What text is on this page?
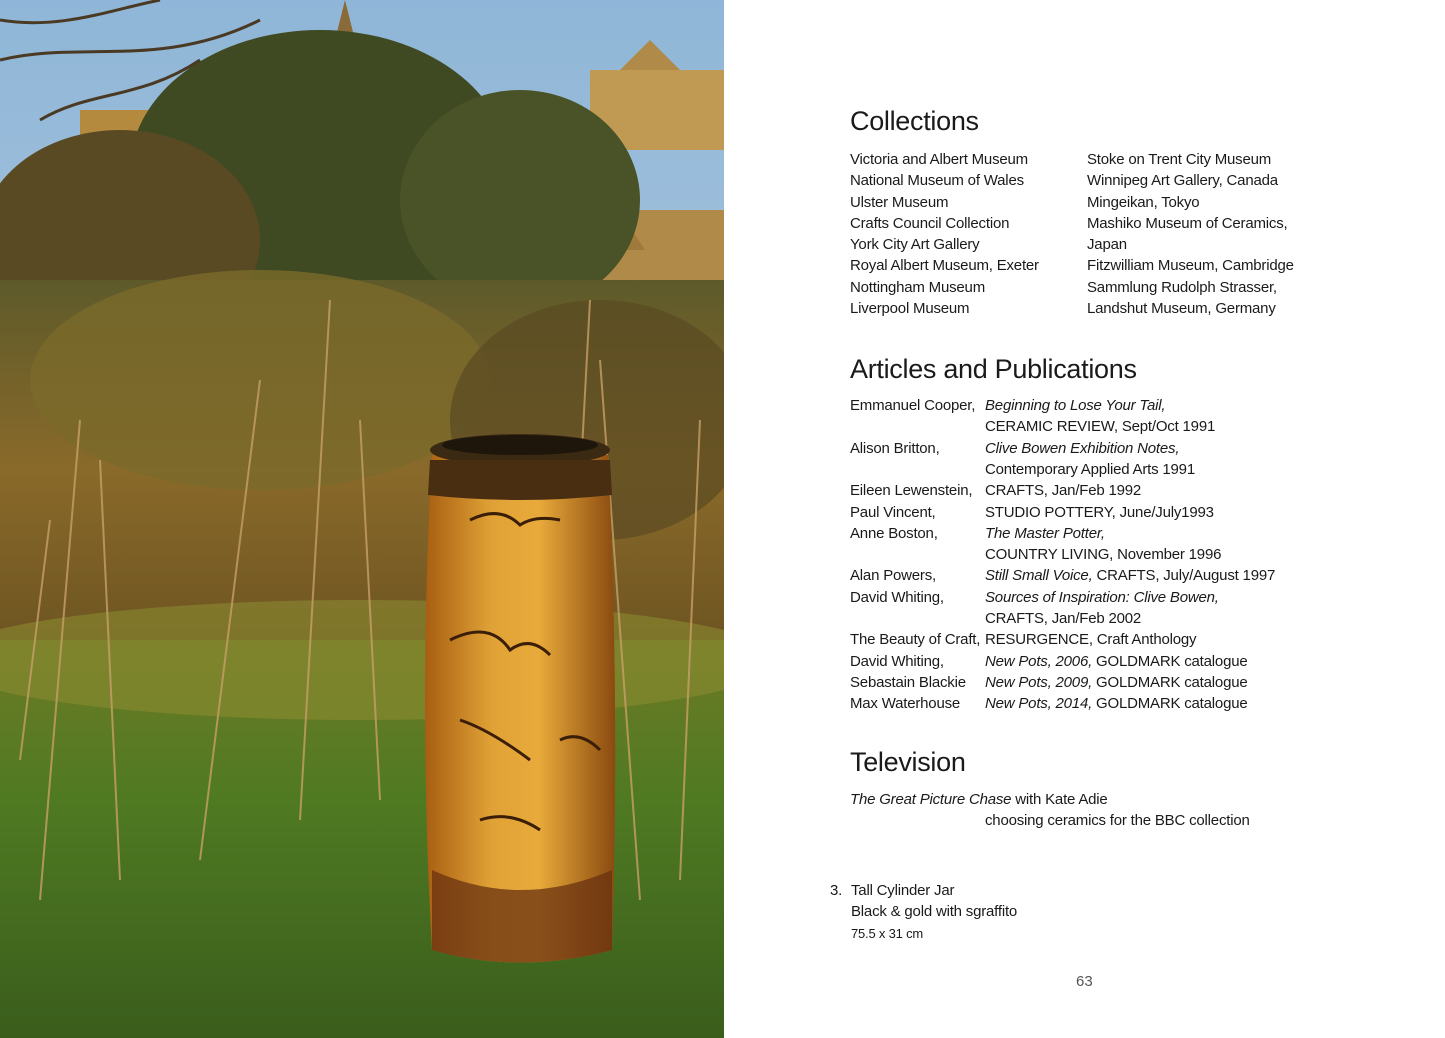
Collections
Victoria and Albert Museum
National Museum of Wales
Ulster Museum
Crafts Council Collection
York City Art Gallery
Royal Albert Museum, Exeter
Nottingham Museum
Liverpool Museum
Stoke on Trent City Museum
Winnipeg Art Gallery, Canada
Mingeikan, Tokyo
Mashiko Museum of Ceramics,
Japan
Fitzwilliam Museum, Cambridge
Sammlung Rudolph Strasser,
Landshut Museum, Germany
Articles and Publications
Emmanuel Cooper, Beginning to Lose Your Tail,
CERAMIC REVIEW, Sept/Oct 1991
Alison Britton,	Clive Bowen Exhibition Notes,
Contemporary Applied Arts 1991
Eileen Lewenstein, CRAFTS, Jan/Feb 1992
Paul Vincent,	STUDIO POTTERY, June/July1993
Anne Boston,	The Master Potter,
COUNTRY LIVING, November 1996
Alan Powers,	Still Small Voice, CRAFTS, July/August 1997
David Whiting,	Sources of Inspiration: Clive Bowen,
CRAFTS, Jan/Feb 2002
The Beauty of Craft, RESURGENCE, Craft Anthology
David Whiting,	New Pots, 2006, GOLDMARK catalogue
Sebastain Blackie New Pots, 2009, GOLDMARK catalogue
Max Waterhouse New Pots, 2014, GOLDMARK catalogue
Television
The Great Picture Chase with Kate Adie
choosing ceramics for the BBC collection
3. Tall Cylinder Jar
Black & gold with sgraffito
75.5 x 31 cm
63
